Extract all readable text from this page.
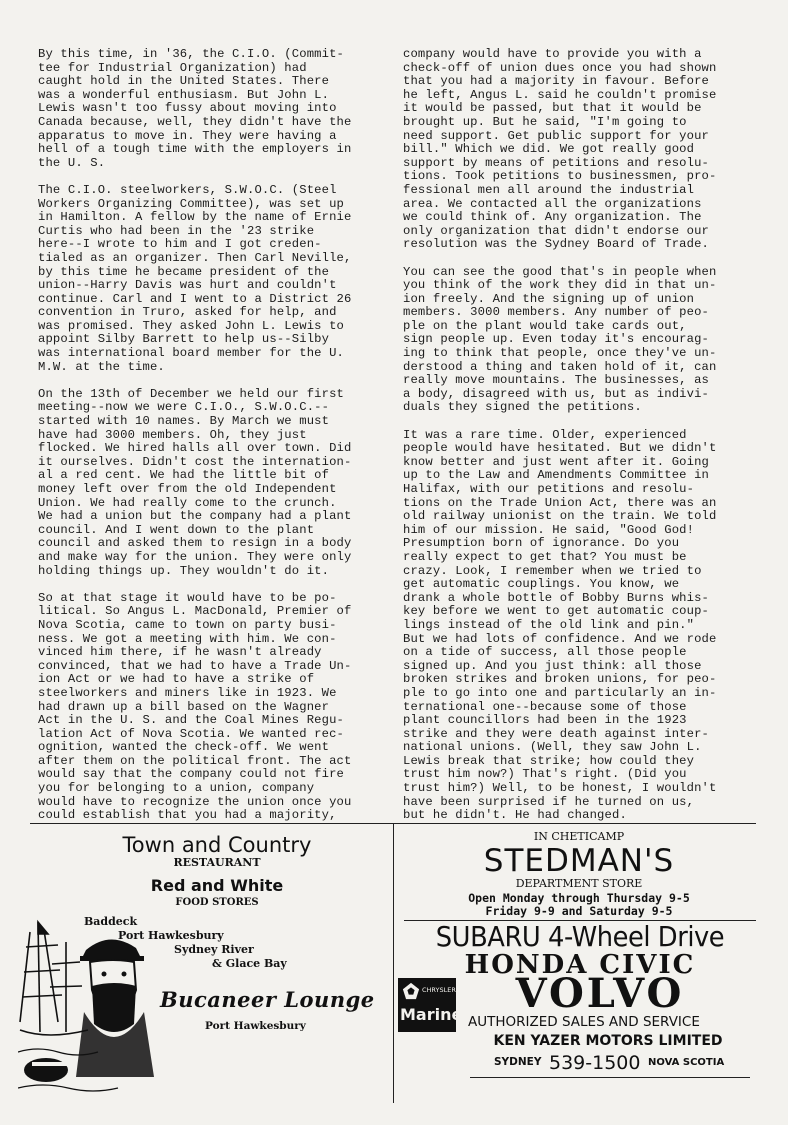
By this time, in '36, the C.I.O. (Commit-
tee for Industrial Organization) had
caught hold in the United States. There
was a wonderful enthusiasm. But John L.
Lewis wasn't too fussy about moving into
Canada because, well, they didn't have the
apparatus to move in. They were having a
hell of a tough time with the employers in
the U. S.

The C.I.O. steelworkers, S.W.O.C. (Steel
Workers Organizing Committee), was set up
in Hamilton. A fellow by the name of Ernie
Curtis who had been in the '23 strike
here--I wrote to him and I got creden-
tialed as an organizer. Then Carl Neville,
by this time he became president of the
union--Harry Davis was hurt and couldn't
continue. Carl and I went to a District 26
convention in Truro, asked for help, and
was promised. They asked John L. Lewis to
appoint Silby Barrett to help us--Silby
was international board member for the U.
M.W. at the time.

On the 13th of December we held our first
meeting--now we were C.I.O., S.W.O.C.--
started with 10 names. By March we must
have had 3000 members. Oh, they just
flocked. We hired halls all over town. Did
it ourselves. Didn't cost the internation-
al a red cent. We had the little bit of
money left over from the old Independent
Union. We had really come to the crunch.
We had a union but the company had a plant
council. And I went down to the plant
council and asked them to resign in a body
and make way for the union. They were only
holding things up. They wouldn't do it.

So at that stage it would have to be po-
litical. So Angus L. MacDonald, Premier of
Nova Scotia, came to town on party busi-
ness. We got a meeting with him. We con-
vinced him there, if he wasn't already
convinced, that we had to have a Trade Un-
ion Act or we had to have a strike of
steelworkers and miners like in 1923. We
had drawn up a bill based on the Wagner
Act in the U. S. and the Coal Mines Regu-
lation Act of Nova Scotia. We wanted rec-
ognition, wanted the check-off. We went
after them on the political front. The act
would say that the company could not fire
you for belonging to a union, company
would have to recognize the union once you
could establish that you had a majority,

company would have to provide you with a
check-off of union dues once you had shown
that you had a majority in favour. Before
he left, Angus L. said he couldn't promise
it would be passed, but that it would be
brought up. But he said, "I'm going to
need support. Get public support for your
bill." Which we did. We got really good
support by means of petitions and resolu-
tions. Took petitions to businessmen, pro-
fessional men all around the industrial
area. We contacted all the organizations
we could think of. Any organization. The
only organization that didn't endorse our
resolution was the Sydney Board of Trade.

You can see the good that's in people when
you think of the work they did in that un-
ion freely. And the signing up of union
members. 3000 members. Any number of peo-
ple on the plant would take cards out,
sign people up. Even today it's encourag-
ing to think that people, once they've un-
derstood a thing and taken hold of it, can
really move mountains. The businesses, as
a body, disagreed with us, but as indivi-
duals they signed the petitions.

It was a rare time. Older, experienced
people would have hesitated. But we didn't
know better and just went after it. Going
up to the Law and Amendments Committee in
Halifax, with our petitions and resolu-
tions on the Trade Union Act, there was an
old railway unionist on the train. We told
him of our mission. He said, "Good God!
Presumption born of ignorance. Do you
really expect to get that? You must be
crazy. Look, I remember when we tried to
get automatic couplings. You know, we
drank a whole bottle of Bobby Burns whis-
key before we went to get automatic coup-
lings instead of the old link and pin."
But we had lots of confidence. And we rode
on a tide of success, all those people
signed up. And you just think: all those
broken strikes and broken unions, for peo-
ple to go into one and particularly an in-
ternational one--because some of those
plant councillors had been in the 1923
strike and they were death against inter-
national unions. (Well, they saw John L.
Lewis break that strike; how could they
trust him now?) That's right. (Did you
trust him?) Well, to be honest, I wouldn't
have been surprised if he turned on us,
but he didn't. He had changed.

Town and Country
RESTAURANT
Red and White
FOOD STORES
Baddeck
Port Hawkesbury
Sydney River
& Glace Bay
Bucaneer Lounge
Port Hawkesbury
IN CHETICAMP
STEDMAN'S
DEPARTMENT STORE
Open Monday through Thursday 9-5
Friday 9-9 and Saturday 9-5
SUBARU 4-Wheel Drive
HONDA CIVIC
VOLVO
CHRYSLER
Marine AUTHORIZED SALES AND SERVICE
KEN YAZER MOTORS LIMITED
SYDNEY 539-1500 NOVA SCOTIA
